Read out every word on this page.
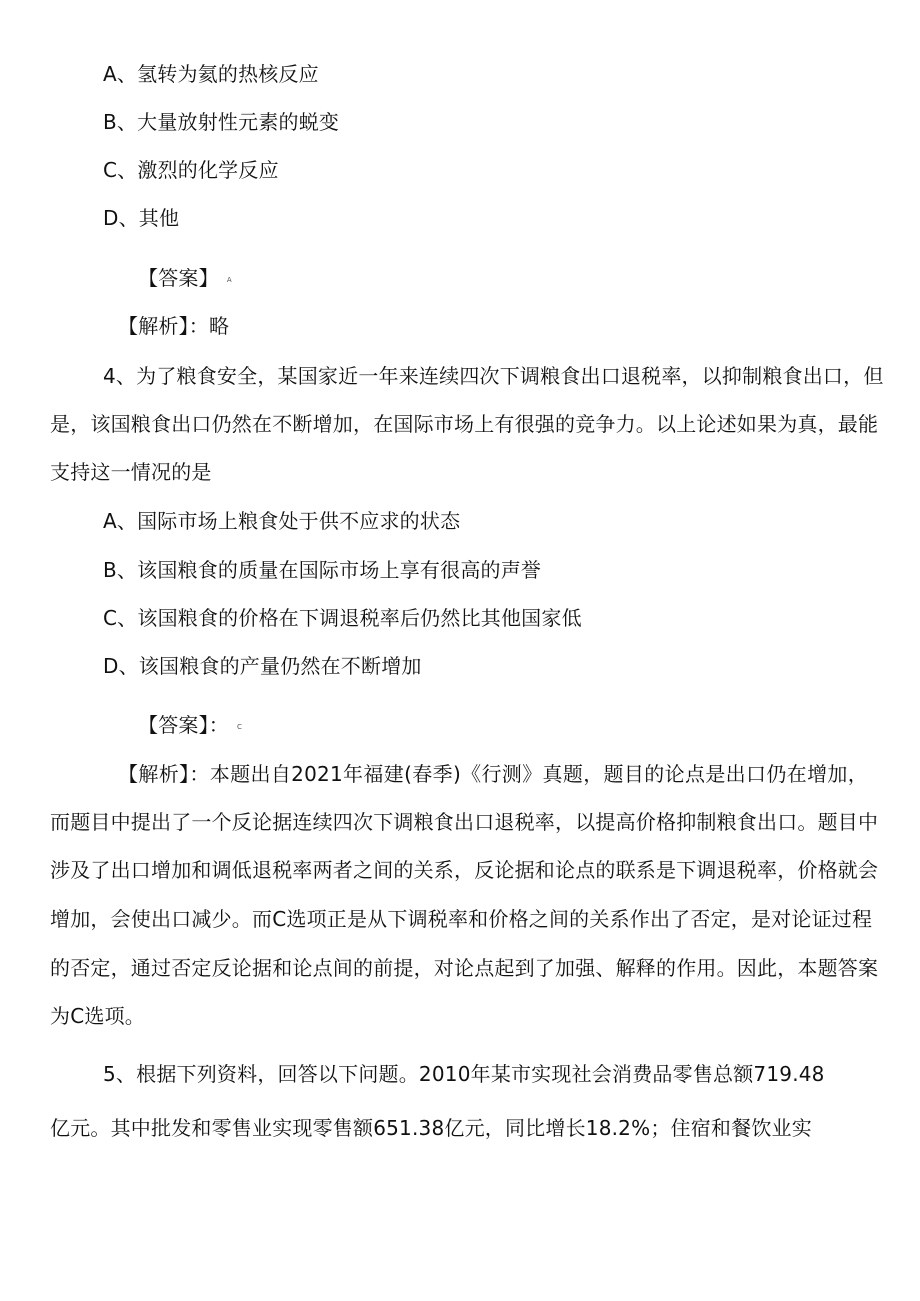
A、氢转为氦的热核反应
B、大量放射性元素的蜕变
C、激烈的化学反应
D、其他
【答案】 A
【解析】：略
4、为了粮食安全，某国家近一年来连续四次下调粮食出口退税率，以抑制粮食出口，但
是，该国粮食出口仍然在不断增加，在国际市场上有很强的竞争力。以上论述如果为真，最能
支持这一情况的是
A、国际市场上粮食处于供不应求的状态
B、该国粮食的质量在国际市场上享有很高的声誉
C、该国粮食的价格在下调退税率后仍然比其他国家低
D、该国粮食的产量仍然在不断增加
【答案】： C
【解析】：本题出自2021年福建(春季)《行测》真题，题目的论点是出口仍在增加，
而题目中提出了一个反论据连续四次下调粮食出口退税率，以提高价格抑制粮食出口。题目中
涉及了出口增加和调低退税率两者之间的关系，反论据和论点的联系是下调退税率，价格就会
增加，会使出口减少。而C选项正是从下调税率和价格之间的关系作出了否定，是对论证过程
的否定，通过否定反论据和论点间的前提，对论点起到了加强、解释的作用。因此，本题答案
为C选项。
5、根据下列资料，回答以下问题。2010年某市实现社会消费品零售总额719.48
亿元。其中批发和零售业实现零售额651.38亿元，同比增长18.2%；住宿和餐饮业实
